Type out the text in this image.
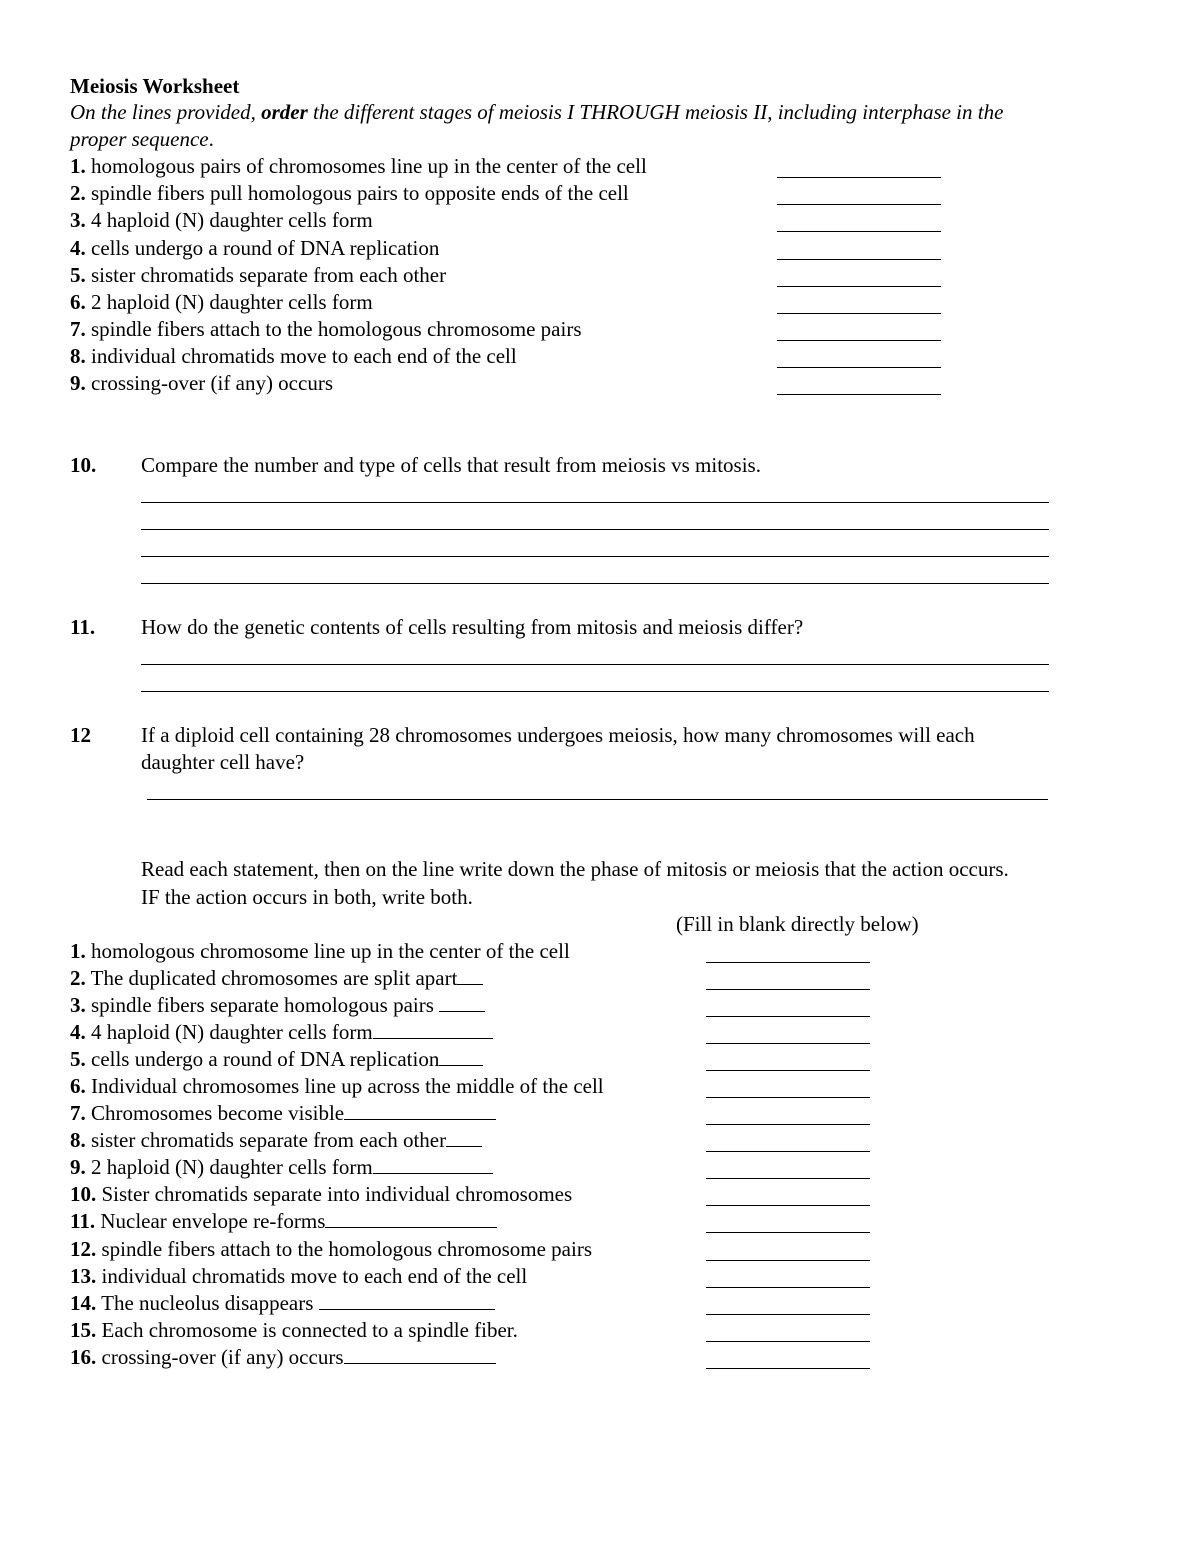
Meiosis Worksheet
On the lines provided, order the different stages of meiosis I THROUGH meiosis II, including interphase in the
proper sequence.
1. homologous pairs of chromosomes line up in the center of the cell
2. spindle fibers pull homologous pairs to opposite ends of the cell
3. 4 haploid (N) daughter cells form
4. cells undergo a round of DNA replication
5. sister chromatids separate from each other
6. 2 haploid (N) daughter cells form
7. spindle fibers attach to the homologous chromosome pairs
8. individual chromatids move to each end of the cell
9. crossing-over (if any) occurs
10. Compare the number and type of cells that result from meiosis vs mitosis.
11. How do the genetic contents of cells resulting from mitosis and meiosis differ?
12 If a diploid cell containing 28 chromosomes undergoes meiosis, how many chromosomes will each
daughter cell have?
Read each statement, then on the line write down the phase of mitosis or meiosis that the action occurs.
IF the action occurs in both, write both.
(Fill in blank directly below)
1. homologous chromosome line up in the center of the cell
2. The duplicated chromosomes are split apart
3. spindle fibers separate homologous pairs
4. 4 haploid (N) daughter cells form
5. cells undergo a round of DNA replication
6. Individual chromosomes line up across the middle of the cell
7. Chromosomes become visible
8. sister chromatids separate from each other
9. 2 haploid (N) daughter cells form
10. Sister chromatids separate into individual chromosomes
11. Nuclear envelope re-forms
12. spindle fibers attach to the homologous chromosome pairs
13. individual chromatids move to each end of the cell
14. The nucleolus disappears
15. Each chromosome is connected to a spindle fiber.
16. crossing-over (if any) occurs
